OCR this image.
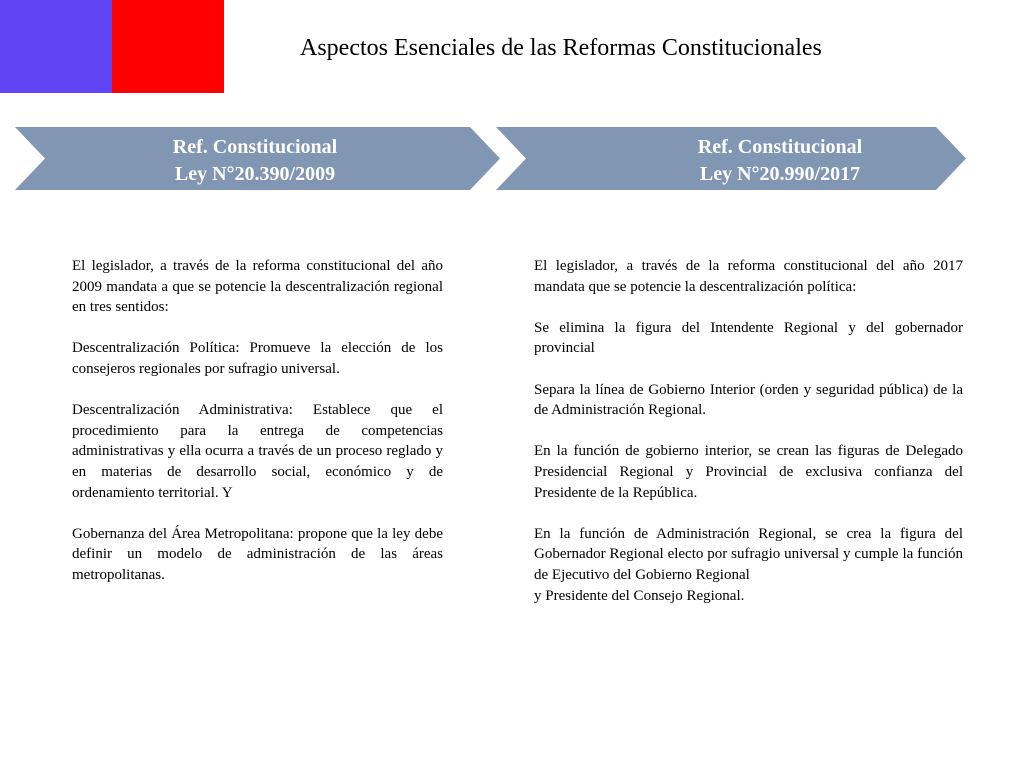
Aspectos Esenciales de las Reformas Constitucionales
Ref. Constitucional
Ley N°20.390/2009
Ref. Constitucional
Ley N°20.990/2017

El legislador, a través de la reforma constitucional del año 2009 mandata a que se potencie la descentralización regional en tres sentidos:

Descentralización Política: Promueve la elección de los consejeros regionales por sufragio universal.

Descentralización Administrativa: Establece que el procedimiento para la entrega de competencias administrativas y ella ocurra a través de un proceso reglado y en materias de desarrollo social, económico y de ordenamiento territorial. Y

Gobernanza del Área Metropolitana: propone que la ley debe definir un modelo de administración de las áreas metropolitanas.

El legislador, a través de la reforma constitucional del año 2017 mandata que se potencie la descentralización política:

Se elimina la figura del Intendente Regional y del gobernador provincial

Separa la línea de Gobierno Interior (orden y seguridad pública) de la de Administración Regional.

En la función de gobierno interior, se crean las figuras de Delegado Presidencial Regional y Provincial de exclusiva confianza del Presidente de la República.

En la función de Administración Regional, se crea la figura del Gobernador Regional electo por sufragio universal y cumple la función de Ejecutivo del Gobierno Regional

y Presidente del Consejo Regional.
